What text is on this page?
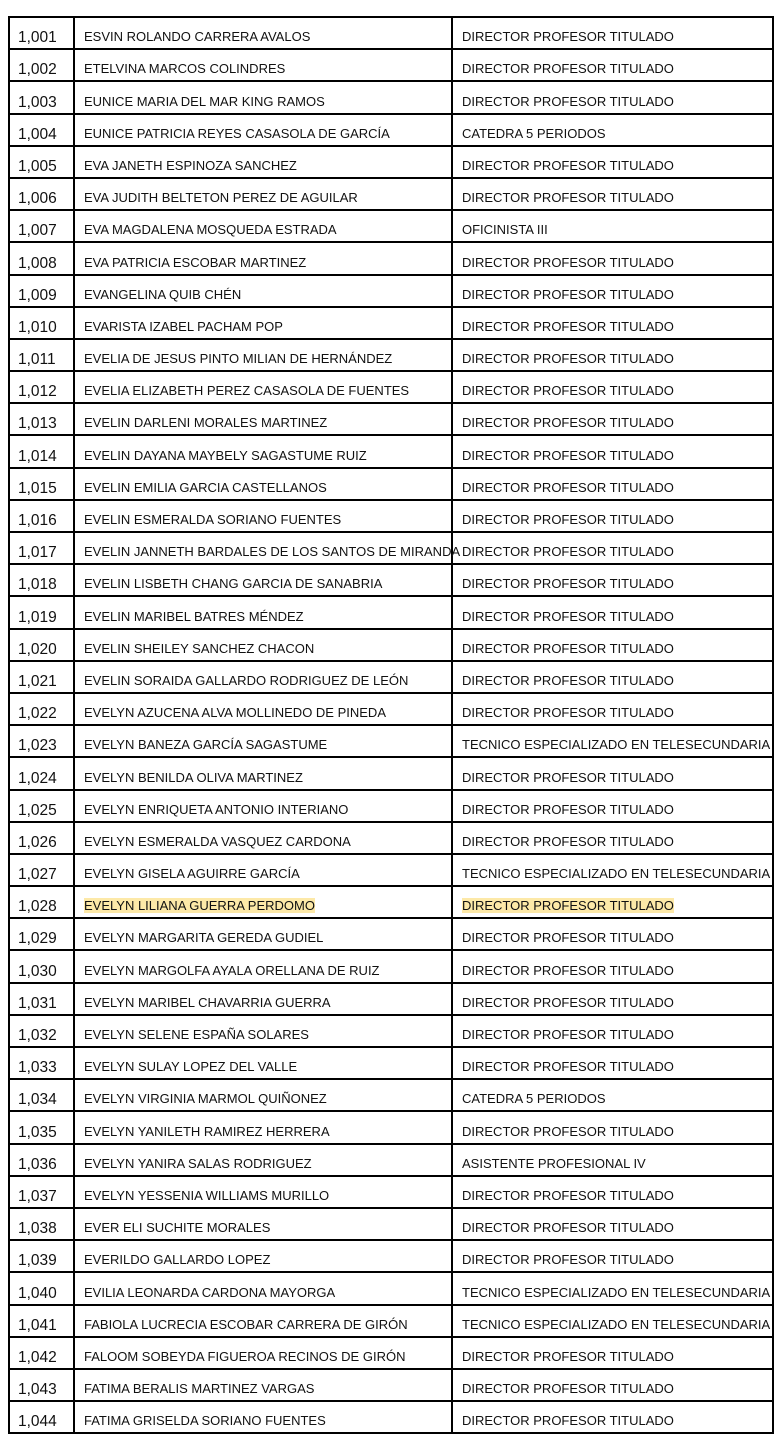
1,001	ESVIN ROLANDO CARRERA AVALOS	DIRECTOR PROFESOR TITULADO
1,002	ETELVINA MARCOS COLINDRES	DIRECTOR PROFESOR TITULADO
1,003	EUNICE MARIA DEL MAR KING RAMOS	DIRECTOR PROFESOR TITULADO
1,004	EUNICE PATRICIA REYES CASASOLA DE GARCÍA	CATEDRA 5 PERIODOS
1,005	EVA JANETH ESPINOZA SANCHEZ	DIRECTOR PROFESOR TITULADO
1,006	EVA JUDITH BELTETON PEREZ DE AGUILAR	DIRECTOR PROFESOR TITULADO
1,007	EVA MAGDALENA MOSQUEDA ESTRADA	OFICINISTA III
1,008	EVA PATRICIA ESCOBAR MARTINEZ	DIRECTOR PROFESOR TITULADO
1,009	EVANGELINA QUIB CHÉN	DIRECTOR PROFESOR TITULADO
1,010	EVARISTA IZABEL PACHAM POP	DIRECTOR PROFESOR TITULADO
1,011	EVELIA DE JESUS PINTO MILIAN DE HERNÁNDEZ	DIRECTOR PROFESOR TITULADO
1,012	EVELIA ELIZABETH PEREZ CASASOLA DE FUENTES	DIRECTOR PROFESOR TITULADO
1,013	EVELIN DARLENI MORALES MARTINEZ	DIRECTOR PROFESOR TITULADO
1,014	EVELIN DAYANA MAYBELY SAGASTUME RUIZ	DIRECTOR PROFESOR TITULADO
1,015	EVELIN EMILIA GARCIA CASTELLANOS	DIRECTOR PROFESOR TITULADO
1,016	EVELIN ESMERALDA SORIANO FUENTES	DIRECTOR PROFESOR TITULADO
1,017	EVELIN JANNETH BARDALES DE LOS SANTOS DE MIRANDA	DIRECTOR PROFESOR TITULADO
1,018	EVELIN LISBETH CHANG GARCIA DE SANABRIA	DIRECTOR PROFESOR TITULADO
1,019	EVELIN MARIBEL BATRES MÉNDEZ	DIRECTOR PROFESOR TITULADO
1,020	EVELIN SHEILEY SANCHEZ CHACON	DIRECTOR PROFESOR TITULADO
1,021	EVELIN SORAIDA GALLARDO RODRIGUEZ DE LEÓN	DIRECTOR PROFESOR TITULADO
1,022	EVELYN AZUCENA ALVA MOLLINEDO DE PINEDA	DIRECTOR PROFESOR TITULADO
1,023	EVELYN BANEZA GARCÍA SAGASTUME	TECNICO ESPECIALIZADO EN TELESECUNDARIA
1,024	EVELYN BENILDA OLIVA MARTINEZ	DIRECTOR PROFESOR TITULADO
1,025	EVELYN ENRIQUETA ANTONIO INTERIANO	DIRECTOR PROFESOR TITULADO
1,026	EVELYN ESMERALDA VASQUEZ CARDONA	DIRECTOR PROFESOR TITULADO
1,027	EVELYN GISELA AGUIRRE GARCÍA	TECNICO ESPECIALIZADO EN TELESECUNDARIA
1,028	EVELYN LILIANA GUERRA PERDOMO	DIRECTOR PROFESOR TITULADO
1,029	EVELYN MARGARITA GEREDA GUDIEL	DIRECTOR PROFESOR TITULADO
1,030	EVELYN MARGOLFA AYALA ORELLANA DE RUIZ	DIRECTOR PROFESOR TITULADO
1,031	EVELYN MARIBEL CHAVARRIA GUERRA	DIRECTOR PROFESOR TITULADO
1,032	EVELYN SELENE ESPAÑA SOLARES	DIRECTOR PROFESOR TITULADO
1,033	EVELYN SULAY LOPEZ DEL VALLE	DIRECTOR PROFESOR TITULADO
1,034	EVELYN VIRGINIA MARMOL QUIÑONEZ	CATEDRA 5 PERIODOS
1,035	EVELYN YANILETH RAMIREZ HERRERA	DIRECTOR PROFESOR TITULADO
1,036	EVELYN YANIRA SALAS RODRIGUEZ	ASISTENTE PROFESIONAL IV
1,037	EVELYN YESSENIA WILLIAMS MURILLO	DIRECTOR PROFESOR TITULADO
1,038	EVER ELI SUCHITE MORALES	DIRECTOR PROFESOR TITULADO
1,039	EVERILDO GALLARDO LOPEZ	DIRECTOR PROFESOR TITULADO
1,040	EVILIA LEONARDA CARDONA MAYORGA	TECNICO ESPECIALIZADO EN TELESECUNDARIA
1,041	FABIOLA LUCRECIA ESCOBAR CARRERA DE GIRÓN	TECNICO ESPECIALIZADO EN TELESECUNDARIA
1,042	FALOOM SOBEYDA FIGUEROA RECINOS DE GIRÓN	DIRECTOR PROFESOR TITULADO
1,043	FATIMA BERALIS MARTINEZ VARGAS	DIRECTOR PROFESOR TITULADO
1,044	FATIMA GRISELDA SORIANO FUENTES	DIRECTOR PROFESOR TITULADO
